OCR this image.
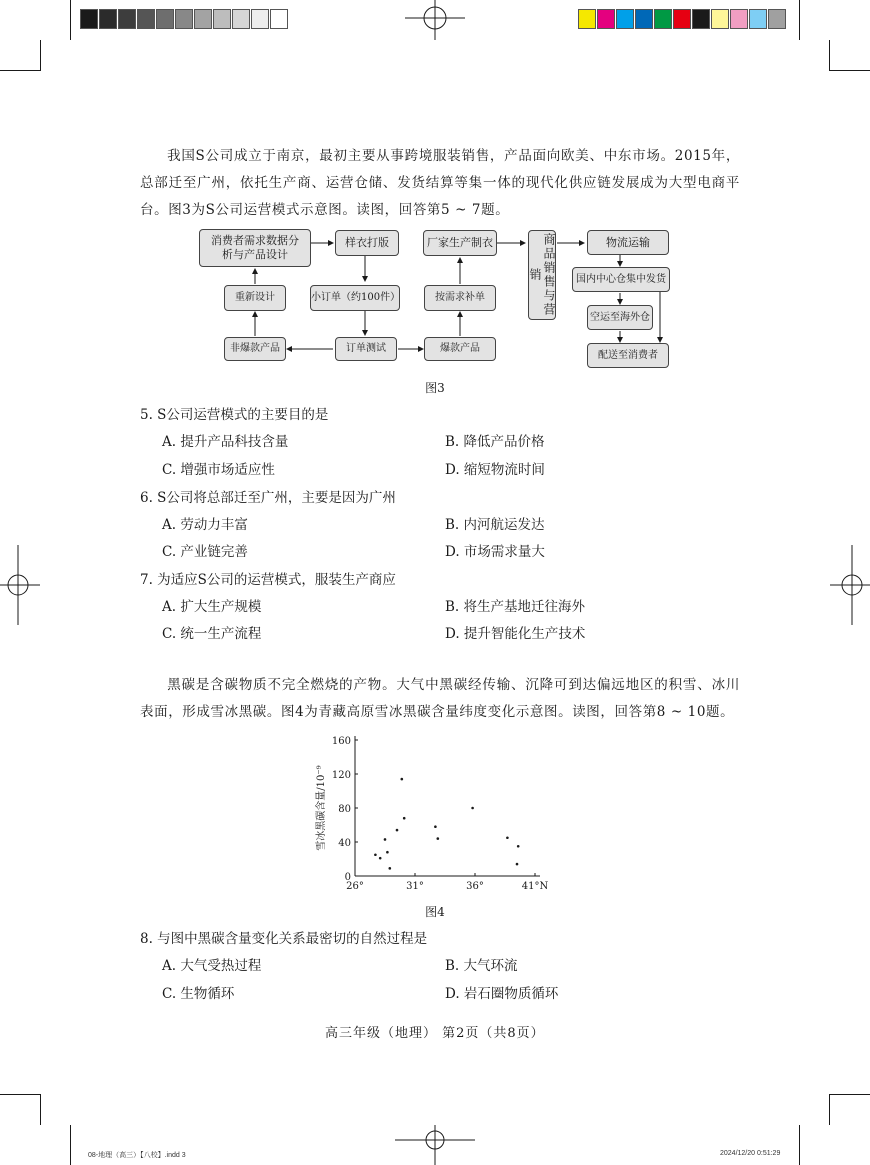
我国S公司成立于南京，最初主要从事跨境服装销售，产品面向欧美、中东市场。2015年，总部迁至广州，依托生产商、运营仓储、发货结算等集一体的现代化供应链发展成为大型电商平台。图3为S公司运营模式示意图。读图，回答第5 ~ 7题。
消费者需求数据分析与产品设计
样衣打版	厂家生产制衣	商品销售与营销
物流运输
国内中心仓集中发货
空运至海外仓
配送至消费者
重新设计	小订单（约100件）	按需求补单
非爆款产品	订单测试	爆款产品
图3
5. S公司运营模式的主要目的是
A. 提升产品科技含量	B. 降低产品价格
C. 增强市场适应性	D. 缩短物流时间
6. S公司将总部迁至广州，主要是因为广州
A. 劳动力丰富	B. 内河航运发达
C. 产业链完善	D. 市场需求量大
7. 为适应S公司的运营模式，服装生产商应
A. 扩大生产规模	B. 将生产基地迁往海外
C. 统一生产流程	D. 提升智能化生产技术
黑碳是含碳物质不完全燃烧的产物。大气中黑碳经传输、沉降可到达偏远地区的积雪、冰川表面，形成雪冰黑碳。图4为青藏高原雪冰黑碳含量纬度变化示意图。读图，回答第8 ~ 10题。
26°	31°	36°	41°N
0
40
80
120
160
雪冰黑碳含量/10⁻⁹
图4
8. 与图中黑碳含量变化关系最密切的自然过程是
A. 大气受热过程	B. 大气环流
C. 生物循环	D. 岩石圈物质循环
高三年级（地理） 第2页（共8页）
08-地理（高三）【八校】.indd 3	2024/12/20 0:51:29
